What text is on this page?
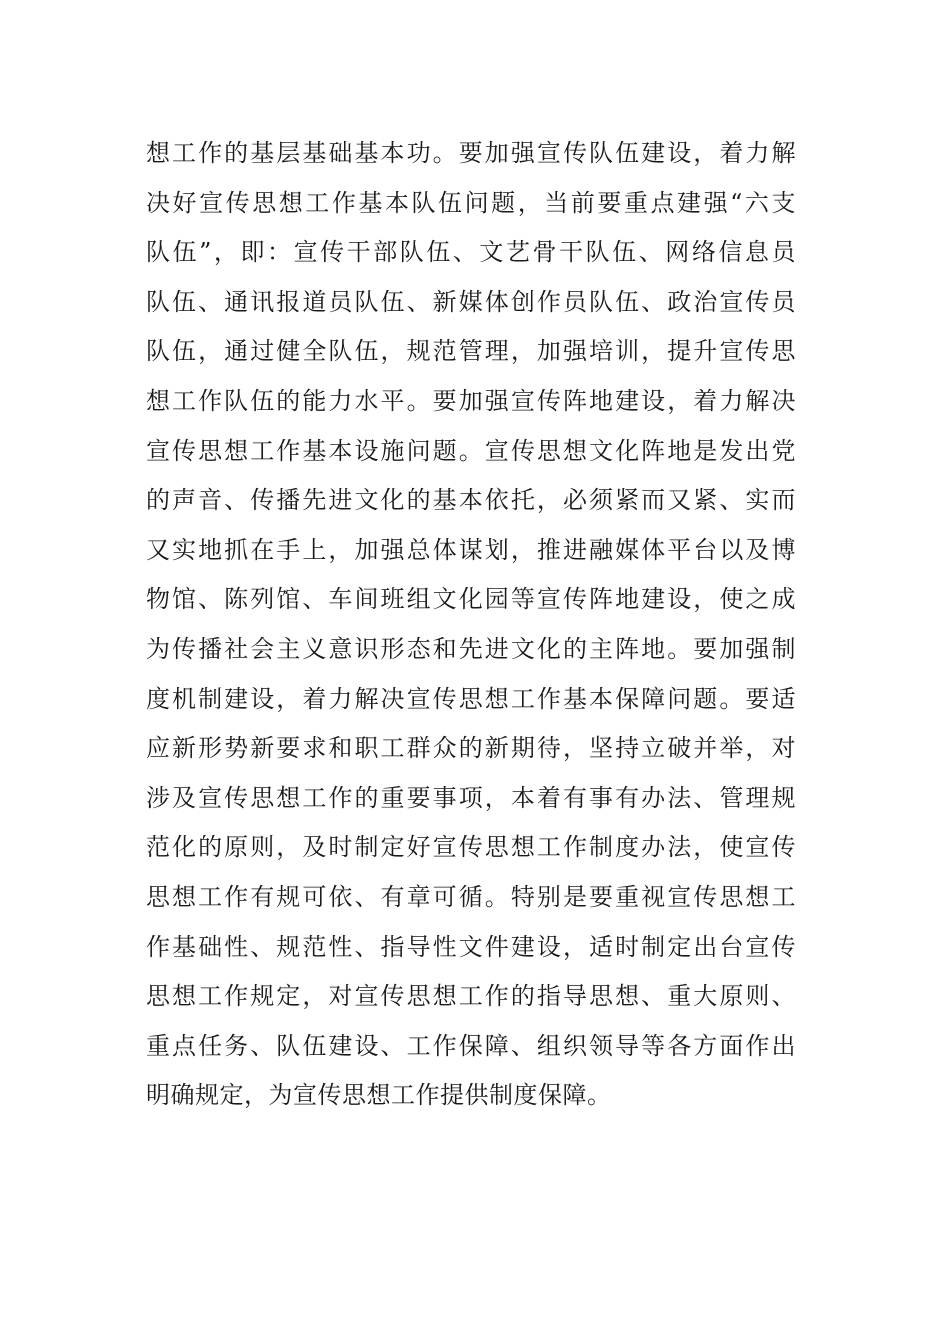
想工作的基层基础基本功。要加强宣传队伍建设，着力解
决好宣传思想工作基本队伍问题，当前要重点建强“六支
队伍”，即：宣传干部队伍、文艺骨干队伍、网络信息员
队伍、通讯报道员队伍、新媒体创作员队伍、政治宣传员
队伍，通过健全队伍，规范管理，加强培训，提升宣传思
想工作队伍的能力水平。要加强宣传阵地建设，着力解决
宣传思想工作基本设施问题。宣传思想文化阵地是发出党
的声音、传播先进文化的基本依托，必须紧而又紧、实而
又实地抓在手上，加强总体谋划，推进融媒体平台以及博
物馆、陈列馆、车间班组文化园等宣传阵地建设，使之成
为传播社会主义意识形态和先进文化的主阵地。要加强制
度机制建设，着力解决宣传思想工作基本保障问题。要适
应新形势新要求和职工群众的新期待，坚持立破并举，对
涉及宣传思想工作的重要事项，本着有事有办法、管理规
范化的原则，及时制定好宣传思想工作制度办法，使宣传
思想工作有规可依、有章可循。特别是要重视宣传思想工
作基础性、规范性、指导性文件建设，适时制定出台宣传
思想工作规定，对宣传思想工作的指导思想、重大原则、
重点任务、队伍建设、工作保障、组织领导等各方面作出
明确规定，为宣传思想工作提供制度保障。
